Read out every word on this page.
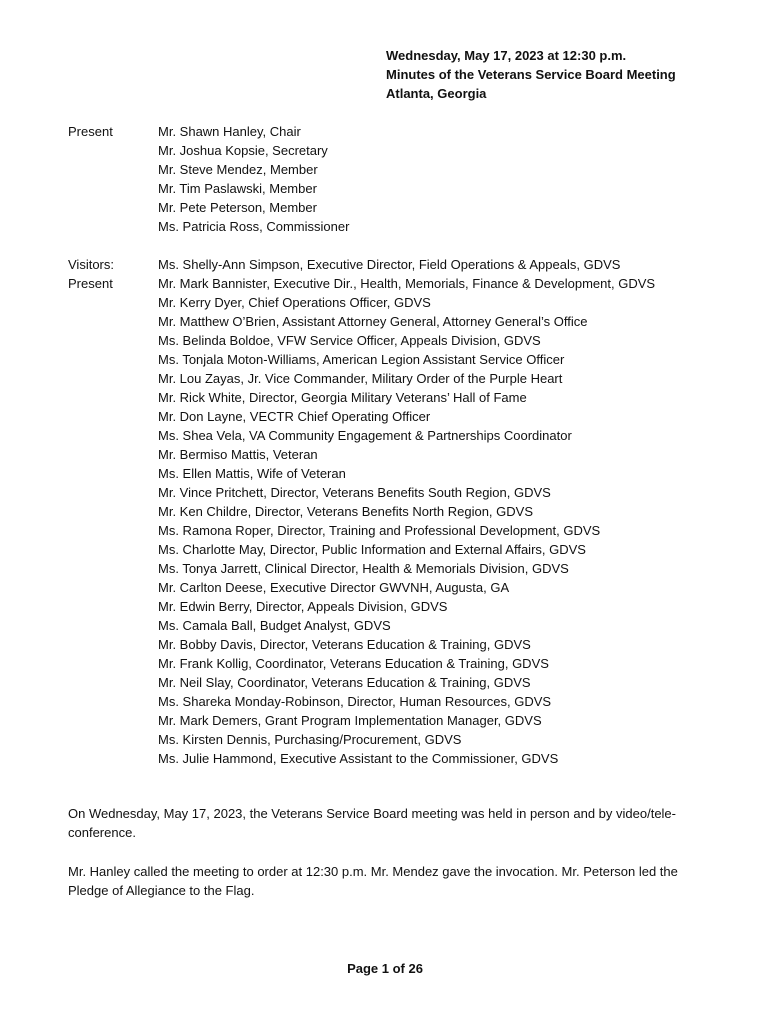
Wednesday, May 17, 2023 at 12:30 p.m.
Minutes of the Veterans Service Board Meeting
Atlanta, Georgia
Present	Mr. Shawn Hanley, Chair
Mr. Joshua Kopsie, Secretary
Mr. Steve Mendez, Member
Mr. Tim Paslawski, Member
Mr. Pete Peterson, Member
Ms. Patricia Ross, Commissioner
Visitors:
Present
Ms. Shelly-Ann Simpson, Executive Director, Field Operations & Appeals, GDVS
Mr. Mark Bannister, Executive Dir., Health, Memorials, Finance & Development, GDVS
Mr. Kerry Dyer, Chief Operations Officer, GDVS
Mr. Matthew O’Brien, Assistant Attorney General, Attorney General’s Office
Ms. Belinda Boldoe, VFW Service Officer, Appeals Division, GDVS
Ms. Tonjala Moton-Williams, American Legion Assistant Service Officer
Mr. Lou Zayas, Jr. Vice Commander, Military Order of the Purple Heart
Mr. Rick White, Director, Georgia Military Veterans’ Hall of Fame
Mr. Don Layne, VECTR Chief Operating Officer
Ms. Shea Vela, VA Community Engagement & Partnerships Coordinator
Mr. Bermiso Mattis, Veteran
Ms. Ellen Mattis, Wife of Veteran
Mr. Vince Pritchett, Director, Veterans Benefits South Region, GDVS
Mr. Ken Childre, Director, Veterans Benefits North Region, GDVS
Ms. Ramona Roper, Director, Training and Professional Development, GDVS
Ms. Charlotte May, Director, Public Information and External Affairs, GDVS
Ms. Tonya Jarrett, Clinical Director, Health & Memorials Division, GDVS
Mr. Carlton Deese, Executive Director GWVNH, Augusta, GA
Mr. Edwin Berry, Director, Appeals Division, GDVS
Ms. Camala Ball, Budget Analyst, GDVS
Mr. Bobby Davis, Director, Veterans Education & Training, GDVS
Mr. Frank Kollig, Coordinator, Veterans Education & Training, GDVS
Mr. Neil Slay, Coordinator, Veterans Education & Training, GDVS
Ms. Shareka Monday-Robinson, Director, Human Resources, GDVS
Mr. Mark Demers, Grant Program Implementation Manager, GDVS
Ms. Kirsten Dennis, Purchasing/Procurement, GDVS
Ms. Julie Hammond, Executive Assistant to the Commissioner, GDVS

On Wednesday, May 17, 2023, the Veterans Service Board meeting was held in person and by video/tele-conference.

Mr. Hanley called the meeting to order at 12:30 p.m. Mr. Mendez gave the invocation. Mr. Peterson led the Pledge of Allegiance to the Flag.

Page 1 of 26
